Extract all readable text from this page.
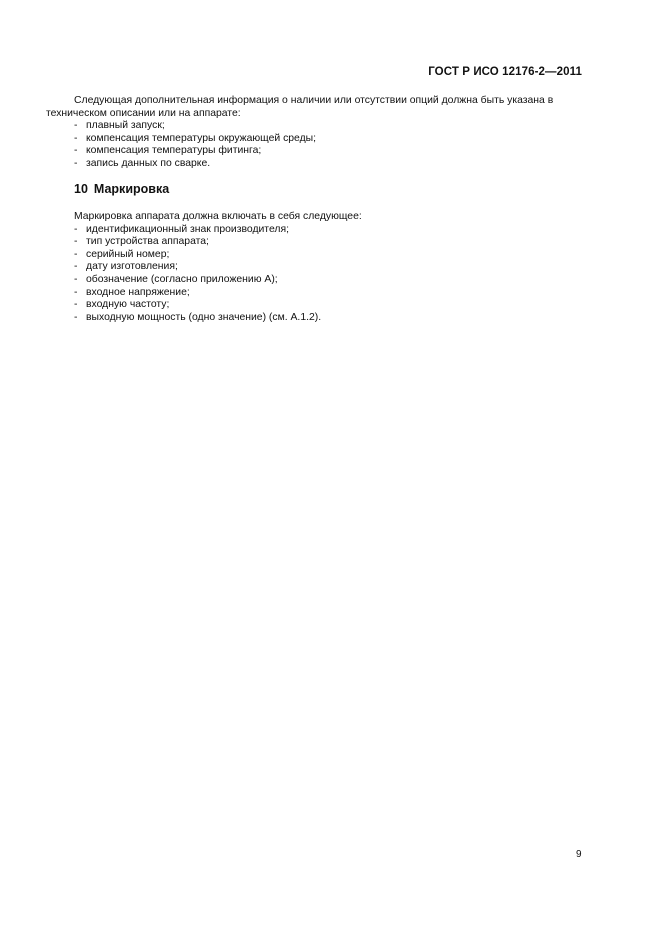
ГОСТ Р ИСО 12176-2—2011

Следующая дополнительная информация о наличии или отсутствии опций должна быть указана в
техническом описании или на аппарате:

- плавный запуск;
- компенсация температуры окружающей среды;
- компенсация температуры фитинга;
- запись данных по сварке.
10 Маркировка

Маркировка аппарата должна включать в себя следующее:

- идентификационный знак производителя;
- тип устройства аппарата;
- серийный номер;
- дату изготовления;
- обозначение (согласно приложению А);
- входное напряжение;
- входную частоту;
- выходную мощность (одно значение) (см. А.1.2).
9
